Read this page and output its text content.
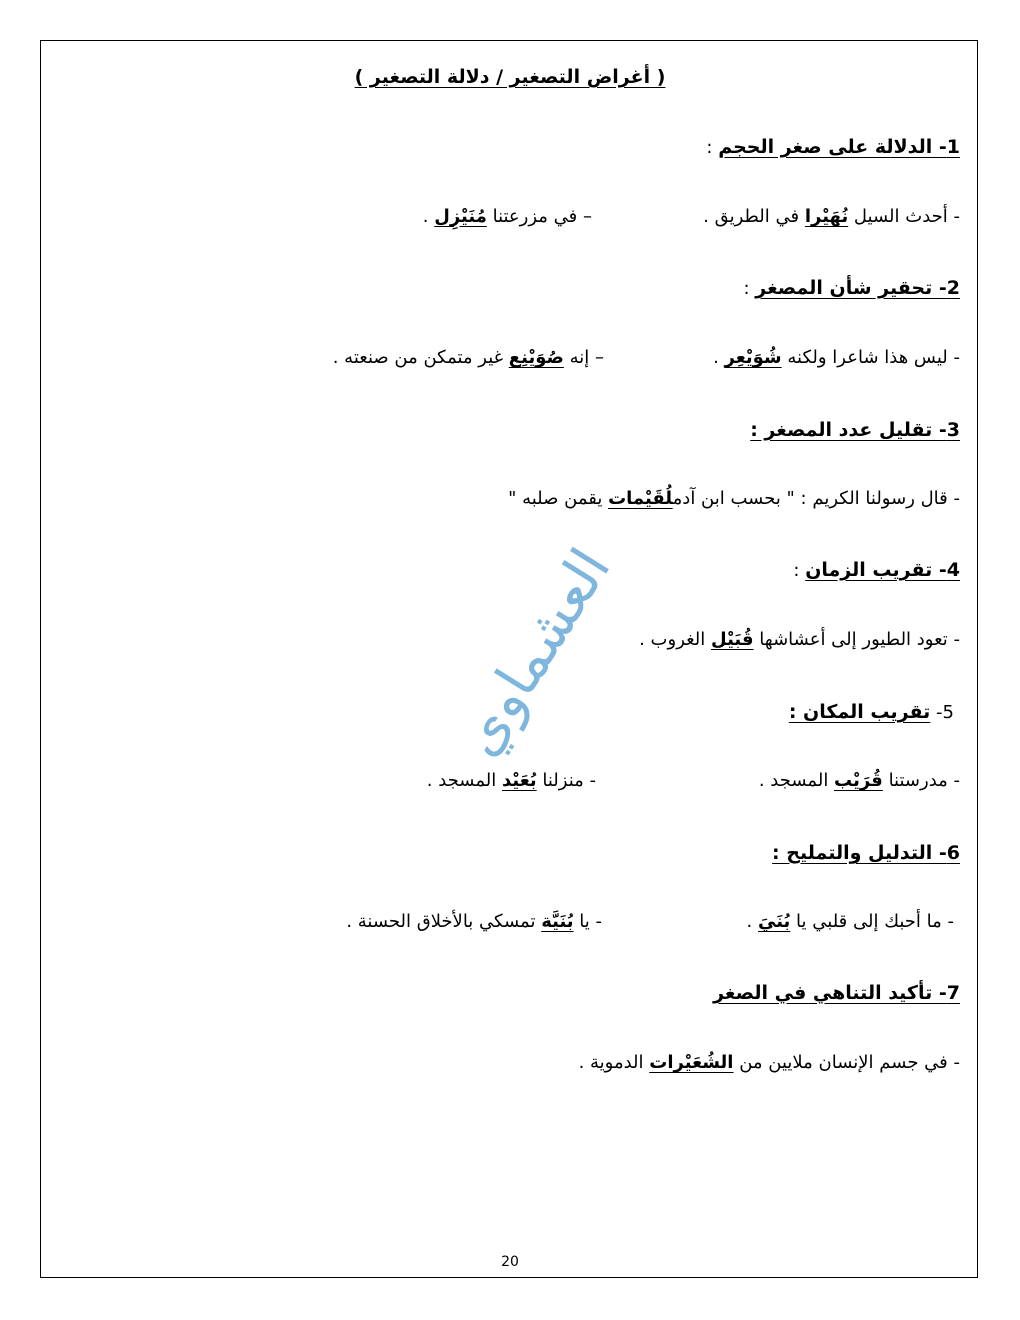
( أغراض التصغير / دلالة التصغير )
1- الدلالة على صغر الحجم :
- أحدث السيل نُهَيْرا في الطريق .
– في مزرعتنا مُنَيْزِل .
2- تحقير شأن المصغر :
- ليس هذا شاعرا ولكنه شُوَيْعِر .
– إنه صُوَيْنِع غير متمكن من صنعته .
3- تقليل عدد المصغر :
- قال رسولنا الكريم : " بحسب ابن آدملُقَيْمات يقمن صلبه "
4- تقريب الزمان :
- تعود الطيور إلى أعشاشها قُبَيْل الغروب .
5- تقريب المكان :
- مدرستنا قُرَيْب المسجد .
- منزلنا بُعَيْد المسجد .
6- التدليل والتمليح :
- ما أحبك إلى قلبي يا بُنَيَ .
- يا بُنَيَّة تمسكي بالأخلاق الحسنة .
7- تأكيد التناهي في الصغر
- في جسم الإنسان ملايين من الشُعَيْرات الدموية .
العشماوي
20
